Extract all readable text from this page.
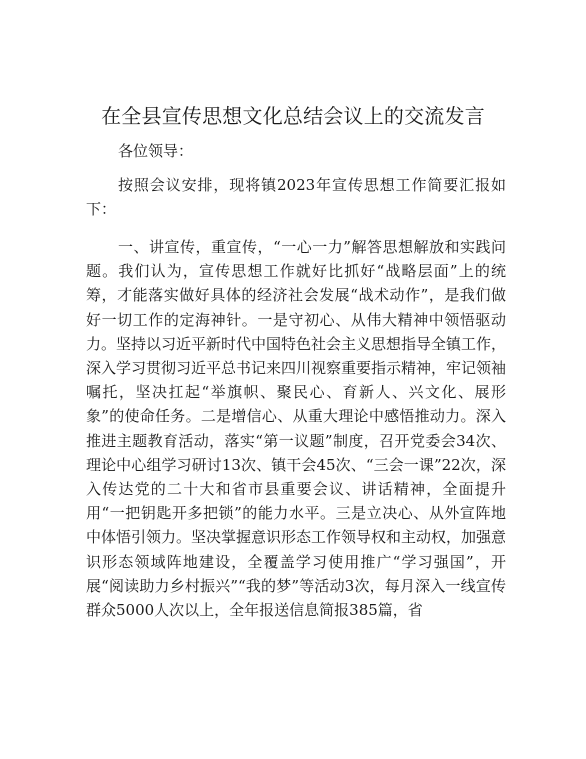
在全县宣传思想文化总结会议上的交流发言

各位领导：

按照会议安排，现将镇2023年宣传思想工作简要汇报如下：

一、讲宣传，重宣传，“一心一力”解答思想解放和实践问题。我们认为，宣传思想工作就好比抓好“战略层面”上的统筹，才能落实做好具体的经济社会发展“战术动作”，是我们做好一切工作的定海神针。一是守初心、从伟大精神中领悟驱动力。坚持以习近平新时代中国特色社会主义思想指导全镇工作，深入学习贯彻习近平总书记来四川视察重要指示精神，牢记领袖嘱托，坚决扛起“举旗帜、聚民心、育新人、兴文化、展形象”的使命任务。二是增信心、从重大理论中感悟推动力。深入推进主题教育活动，落实“第一议题”制度，召开党委会34次、理论中心组学习研讨13次、镇干会45次、“三会一课”22次，深入传达党的二十大和省市县重要会议、讲话精神，全面提升用“一把钥匙开多把锁”的能力水平。三是立决心、从外宣阵地中体悟引领力。坚决掌握意识形态工作领导权和主动权，加强意识形态领域阵地建设，全覆盖学习使用推广“学习强国”，开展“阅读助力乡村振兴”“我的梦”等活动3次，每月深入一线宣传群众5000人次以上，全年报送信息简报385篇，省
